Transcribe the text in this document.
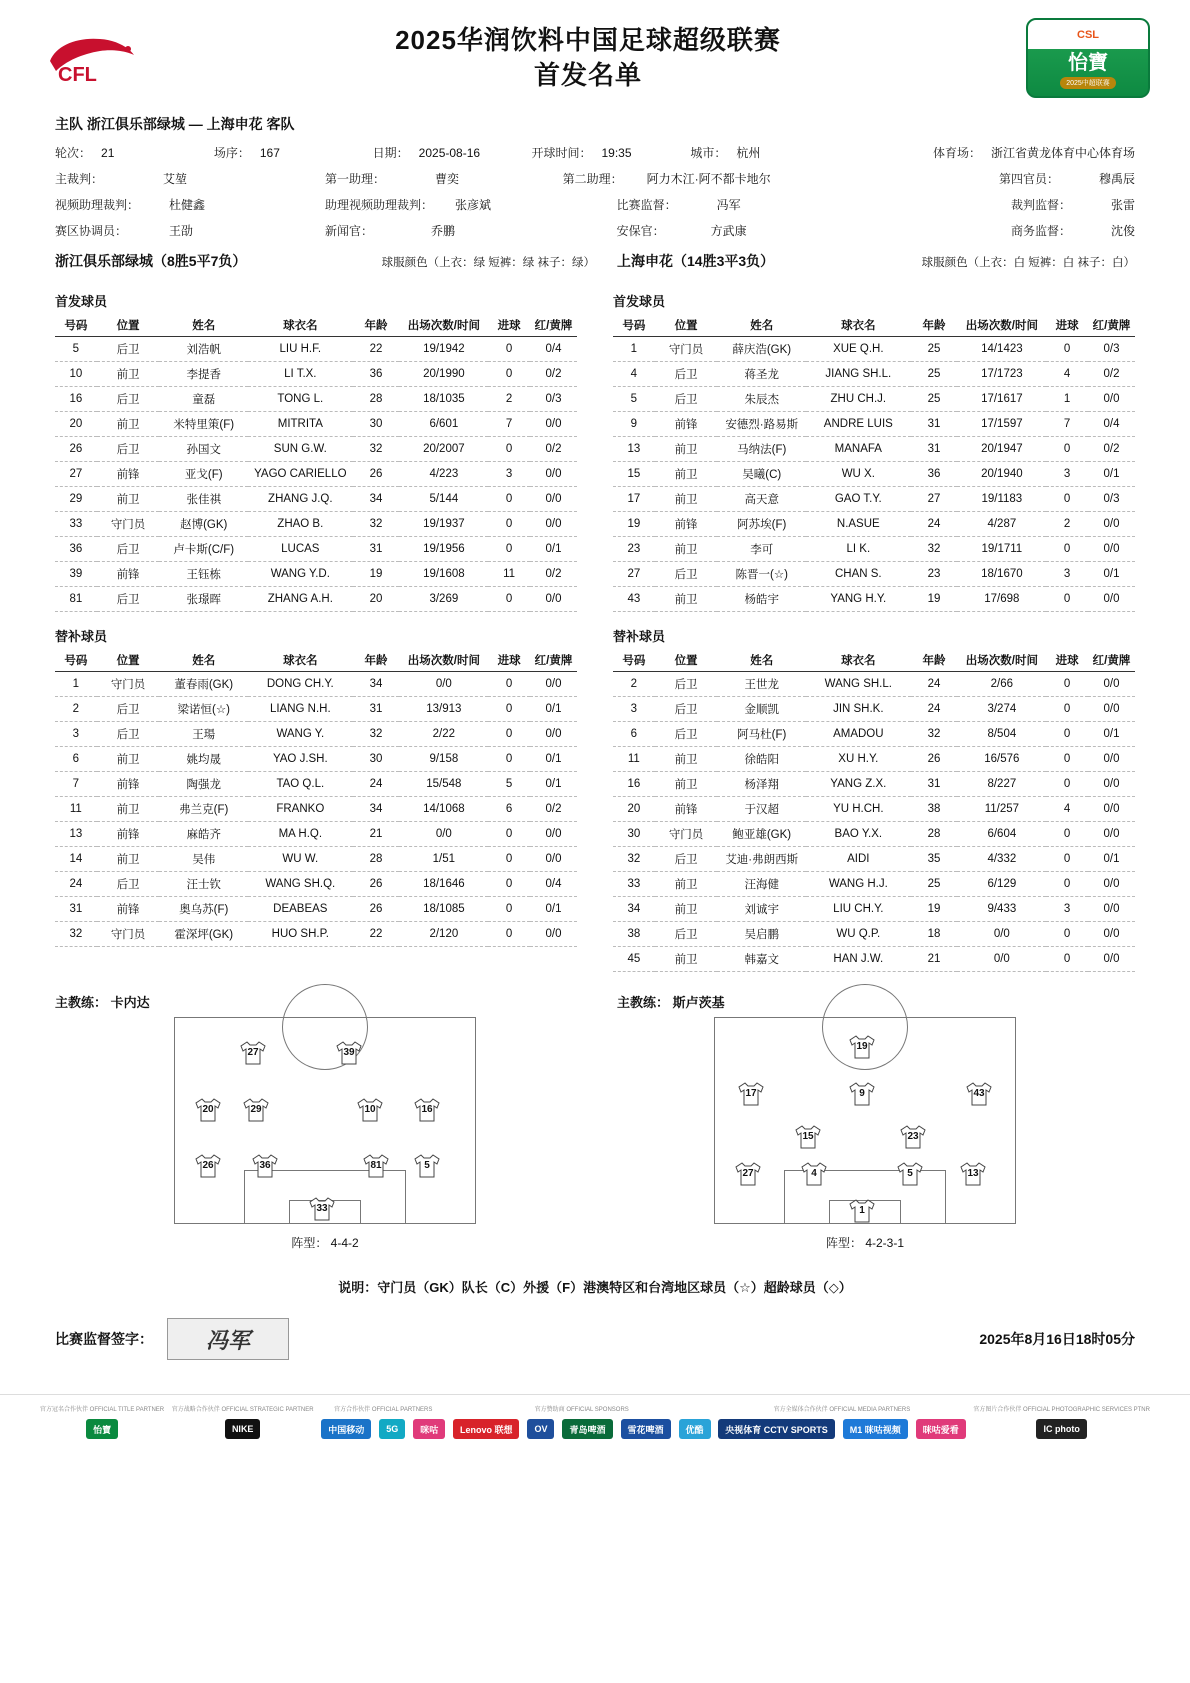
CFL
2025华润饮料中国足球超级联赛
首发名单
CSL
怡寶
2025中超联赛
主队 浙江俱乐部绿城 — 上海申花 客队
轮次： 21	场序： 167	日期： 2025-08-16	开球时间： 19:35	城市： 杭州	体育场： 浙江省黄龙体育中心体育场
主裁判：	艾堃	第一助理：	曹奕	第二助理： 阿力木江·阿不都卡地尔	第四官员：	穆禹辰
视频助理裁判：	杜健鑫	助理视频助理裁判： 张彦斌	比赛监督：	冯军	裁判监督：	张雷
赛区协调员：	王劭	新闻官：	乔鹏	安保官：	方武康	商务监督：	沈俊
浙江俱乐部绿城（8胜5平7负）	球服颜色（上衣：绿 短裤：绿 袜子：绿） 上海申花（14胜3平3负）	球服颜色（上衣：白 短裤：白 袜子：白）
首发球员
号码	位置	姓名	球衣名	年龄	出场次数/时间	进球	红/黄牌
5	后卫	刘浩帆	LIU H.F.	22	19/1942	0	0/4
10	前卫	李提香	LI T.X.	36	20/1990	0	0/2
16	后卫	童磊	TONG L.	28	18/1035	2	0/3
20	前卫	米特里策(F)	MITRITA	30	6/601	7	0/0
26	后卫	孙国文	SUN G.W.	32	20/2007	0	0/2
27	前锋	亚戈(F)	YAGO CARIELLO	26	4/223	3	0/0
29	前卫	张佳祺	ZHANG J.Q.	34	5/144	0	0/0
33	守门员	赵博(GK)	ZHAO B.	32	19/1937	0	0/0
36	后卫	卢卡斯(C/F)	LUCAS	31	19/1956	0	0/1
39	前锋	王钰栋	WANG Y.D.	19	19/1608	11	0/2
81	后卫	张璟晖	ZHANG A.H.	20	3/269	0	0/0
替补球员
号码	位置	姓名	球衣名	年龄	出场次数/时间	进球	红/黄牌
1	守门员	董春雨(GK)	DONG CH.Y.	34	0/0	0	0/0
2	后卫	梁诺恒(☆)	LIANG N.H.	31	13/913	0	0/1
3	后卫	王瑒	WANG Y.	32	2/22	0	0/0
6	前卫	姚均晟	YAO J.SH.	30	9/158	0	0/1
7	前锋	陶强龙	TAO Q.L.	24	15/548	5	0/1
11	前卫	弗兰克(F)	FRANKO	34	14/1068	6	0/2
13	前锋	麻皓齐	MA H.Q.	21	0/0	0	0/0
14	前卫	吴伟	WU W.	28	1/51	0	0/0
24	后卫	汪士钦	WANG SH.Q.	26	18/1646	0	0/4
31	前锋	奥乌苏(F)	DEABEAS	26	18/1085	0	0/1
32	守门员	霍深坪(GK)	HUO SH.P.	22	2/120	0	0/0
首发球员
号码	位置	姓名	球衣名	年龄	出场次数/时间	进球	红/黄牌
1	守门员	薛庆浩(GK)	XUE Q.H.	25	14/1423	0	0/3
4	后卫	蒋圣龙	JIANG SH.L.	25	17/1723	4	0/2
5	后卫	朱辰杰	ZHU CH.J.	25	17/1617	1	0/0
9	前锋	安德烈·路易斯	ANDRE LUIS	31	17/1597	7	0/4
13	前卫	马纳法(F)	MANAFA	31	20/1947	0	0/2
15	前卫	吴曦(C)	WU X.	36	20/1940	3	0/1
17	前卫	高天意	GAO T.Y.	27	19/1183	0	0/3
19	前锋	阿苏埃(F)	N.ASUE	24	4/287	2	0/0
23	前卫	李可	LI K.	32	19/1711	0	0/0
27	后卫	陈晋一(☆)	CHAN S.	23	18/1670	3	0/1
43	前卫	杨皓宇	YANG H.Y.	19	17/698	0	0/0
替补球员
号码	位置	姓名	球衣名	年龄	出场次数/时间	进球	红/黄牌
2	后卫	王世龙	WANG SH.L.	24	2/66	0	0/0
3	后卫	金顺凯	JIN SH.K.	24	3/274	0	0/0
6	后卫	阿马杜(F)	AMADOU	32	8/504	0	0/1
11	前卫	徐皓阳	XU H.Y.	26	16/576	0	0/0
16	前卫	杨泽翔	YANG Z.X.	31	8/227	0	0/0
20	前锋	于汉超	YU H.CH.	38	11/257	4	0/0
30	守门员	鲍亚雄(GK)	BAO Y.X.	28	6/604	0	0/0
32	后卫	艾迪·弗朗西斯	AIDI	35	4/332	0	0/1
33	前卫	汪海健	WANG H.J.	25	6/129	0	0/0
34	前卫	刘诚宇	LIU CH.Y.	19	9/433	3	0/0
38	后卫	吴启鹏	WU Q.P.	18	0/0	0	0/0
45	前卫	韩嘉文	HAN J.W.	21	0/0	0	0/0
主教练： 卡内达	主教练： 斯卢茨基
27	39
20	29	10	16
26	36	81	5
33
阵型： 4-4-2
19
17	9	43
15	23
27	4	5	13
1
阵型： 4-2-3-1
说明：守门员（GK）队长（C）外援（F）港澳特区和台湾地区球员（☆）超龄球员（◇）
比赛监督签字：	冯军	2025年8月16日18时05分
官方冠名合作伙伴 OFFICIAL TITLE PARTNER
怡寶
官方战略合作伙伴 OFFICIAL STRATEGIC PARTNER
NIKE
官方合作伙伴 OFFICIAL PARTNERS
中国移动	5G	咪咕
官方赞助商 OFFICIAL SPONSORS
Lenovo 联想	OV	青岛啤酒	雪花啤酒	优酷
官方全媒体合作伙伴 OFFICIAL MEDIA PARTNERS
央视体育 CCTV SPORTS	M1 咪咕视频	咪咕爱看
官方图片合作伙伴 OFFICIAL PHOTOGRAPHIC SERVICES PTNR
IC photo
